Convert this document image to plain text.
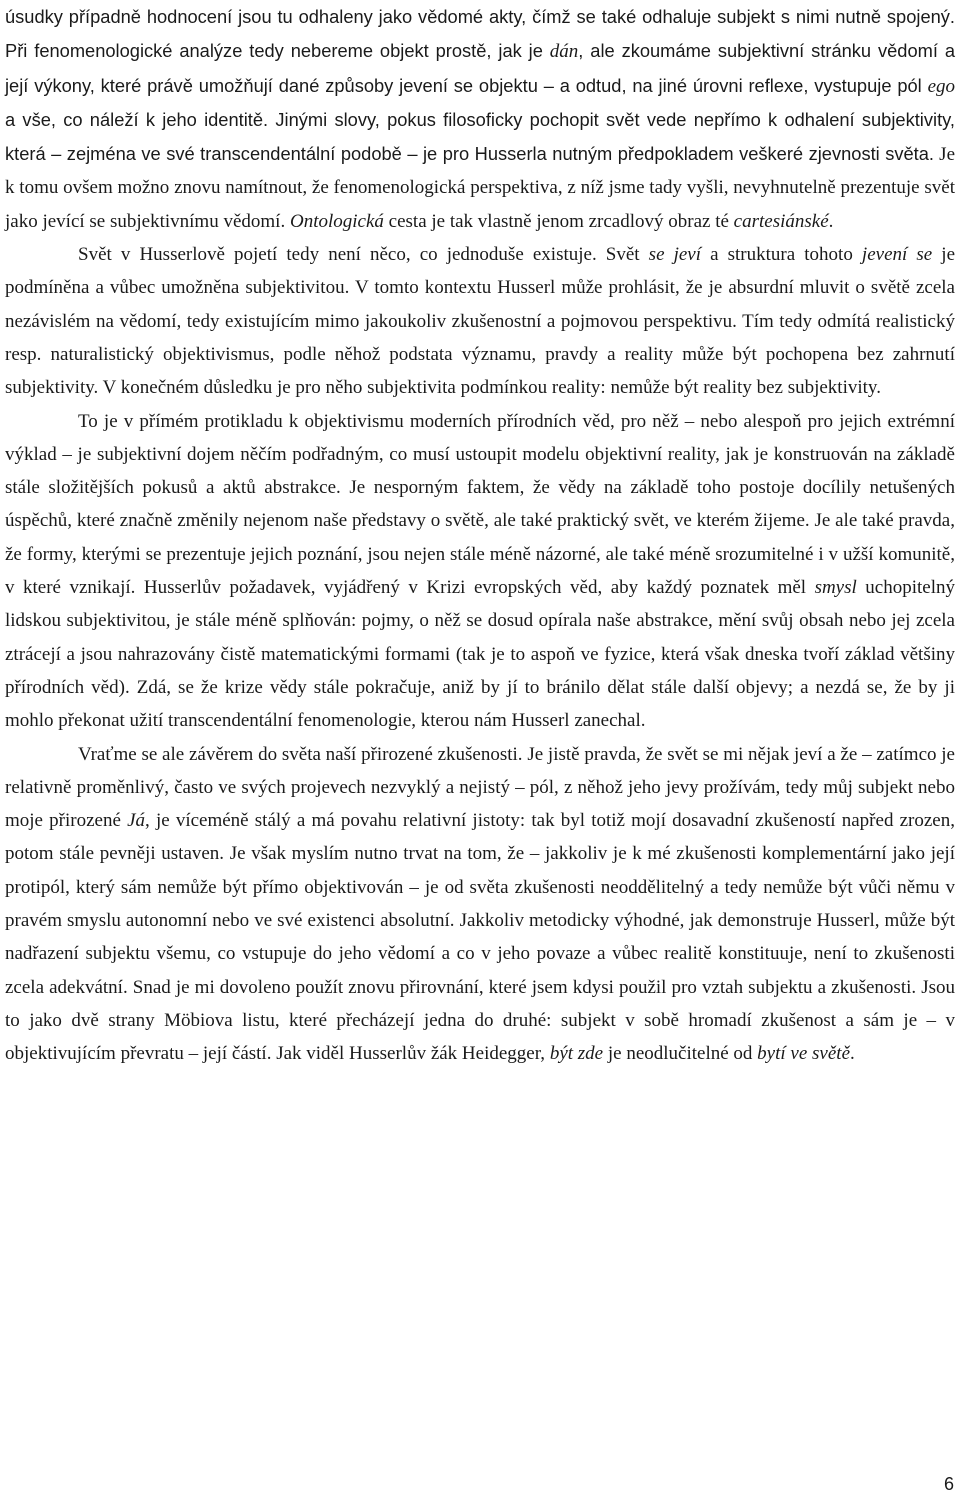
úsudky případně hodnocení jsou tu odhaleny jako vědomé akty, čímž se také odhaluje subjekt s nimi nutně spojený. Při fenomenologické analýze tedy nebereme objekt prostě, jak je dán, ale zkoumáme subjektivní stránku vědomí a její výkony, které právě umožňují dané způsoby jevení se objektu – a odtud, na jiné úrovni reflexe, vystupuje pól ego a vše, co náleží k jeho identitě. Jinými slovy, pokus filosoficky pochopit svět vede nepřímo k odhalení subjektivity, která – zejména ve své transcendentální podobě – je pro Husserla nutným předpokladem veškeré zjevnosti světa. Je k tomu ovšem možno znovu namítnout, že fenomenologická perspektiva, z níž jsme tady vyšli, nevyhnutelně prezentuje svět jako jevící se subjektivnímu vědomí. Ontologická cesta je tak vlastně jenom zrcadlový obraz té cartesiánské.

Svět v Husserlově pojetí tedy není něco, co jednoduše existuje. Svět se jeví a struktura tohoto jevení se je podmíněna a vůbec umožněna subjektivitou. V tomto kontextu Husserl může prohlásit, že je absurdní mluvit o světě zcela nezávislém na vědomí, tedy existujícím mimo jakoukoliv zkušenostní a pojmovou perspektivu. Tím tedy odmítá realistický resp. naturalistický objektivismus, podle něhož podstata významu, pravdy a reality může být pochopena bez zahrnutí subjektivity. V konečném důsledku je pro něho subjektivita podmínkou reality: nemůže být reality bez subjektivity.

To je v přímém protikladu k objektivismu moderních přírodních věd, pro něž – nebo alespoň pro jejich extrémní výklad – je subjektivní dojem něčím podřadným, co musí ustoupit modelu objektivní reality, jak je konstruován na základě stále složitějších pokusů a aktů abstrakce. Je nesporným faktem, že vědy na základě toho postoje docílily netušených úspěchů, které značně změnily nejenom naše představy o světě, ale také praktický svět, ve kterém žijeme. Je ale také pravda, že formy, kterými se prezentuje jejich poznání, jsou nejen stále méně názorné, ale také méně srozumitelné i v užší komunitě, v které vznikají. Husserlův požadavek, vyjádřený v Krizi evropských věd, aby každý poznatek měl smysl uchopitelný lidskou subjektivitou, je stále méně splňován: pojmy, o něž se dosud opírala naše abstrakce, mění svůj obsah nebo jej zcela ztrácejí a jsou nahrazovány čistě matematickými formami (tak je to aspoň ve fyzice, která však dneska tvoří základ většiny přírodních věd). Zdá, se že krize vědy stále pokračuje, aniž by jí to bránilo dělat stále další objevy; a nezdá se, že by ji mohlo překonat užití transcendentální fenomenologie, kterou nám Husserl zanechal.

Vraťme se ale závěrem do světa naší přirozené zkušenosti. Je jistě pravda, že svět se mi nějak jeví a že – zatímco je relativně proměnlivý, často ve svých projevech nezvyklý a nejistý – pól, z něhož jeho jevy prožívám, tedy můj subjekt nebo moje přirozené Já, je víceméně stálý a má povahu relativní jistoty: tak byl totiž mojí dosavadní zkušeností napřed zrozen, potom stále pevněji ustaven. Je však myslím nutno trvat na tom, že – jakkoliv je k mé zkušenosti komplementární jako její protipól, který sám nemůže být přímo objektivován – je od světa zkušenosti neoddělitelný a tedy nemůže být vůči němu v pravém smyslu autonomní nebo ve své existenci absolutní. Jakkoliv metodicky výhodné, jak demonstruje Husserl, může být nadřazení subjektu všemu, co vstupuje do jeho vědomí a co v jeho povaze a vůbec realitě konstituuje, není to zkušenosti zcela adekvátní. Snad je mi dovoleno použít znovu přirovnání, které jsem kdysi použil pro vztah subjektu a zkušenosti. Jsou to jako dvě strany Möbiova listu, které přecházejí jedna do druhé: subjekt v sobě hromadí zkušenost a sám je – v objektivujícím převratu – její částí. Jak viděl Husserlův žák Heidegger, být zde je neodlučitelné od bytí ve světě.

6
